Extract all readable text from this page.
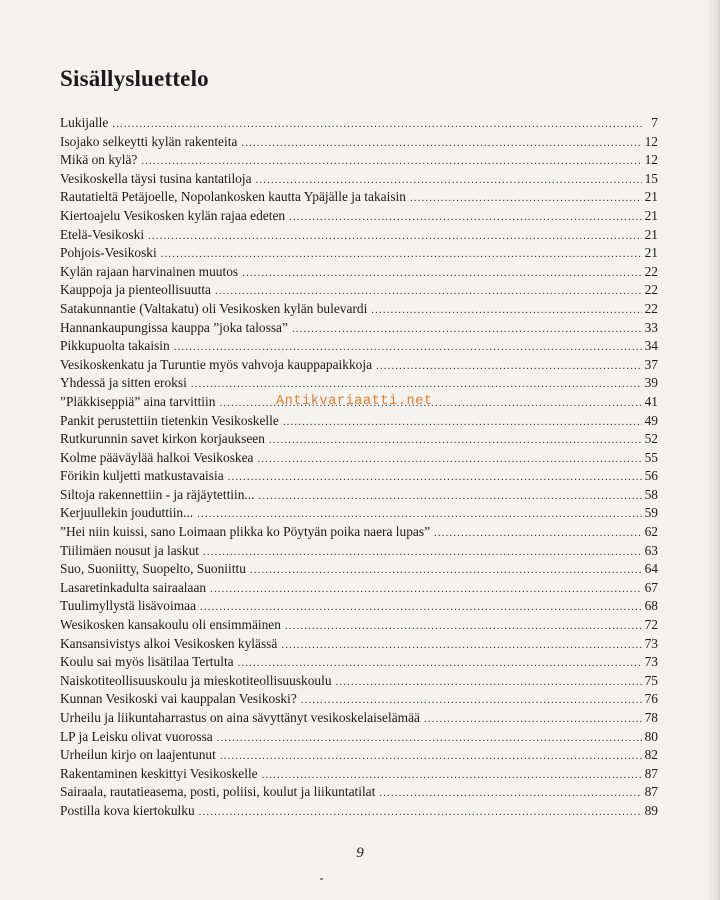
Sisällysluettelo
Lukijalle .....	7
Isojako selkeytti kylän rakenteita .....	12
Mikä on kylä? .....	12
Vesikoskella täysi tusina kantatiloja .....	15
Rautatieltä Petäjoelle, Nopolankosken kautta Ypäjälle ja takaisin .....	21
Kiertoajelu Vesikosken kylän rajaa edeten .....	21
Etelä-Vesikoski .....	21
Pohjois-Vesikoski .....	21
Kylän rajaan harvinainen muutos .....	22
Kauppoja ja pienteollisuutta .....	22
Satakunnantie (Valtakatu) oli Vesikosken kylän bulevardi .....	22
Hannankaupungissa kauppa ”joka talossa” .....	33
Pikkupuolta takaisin .....	34
Vesikoskenkatu ja Turuntie myös vahvoja kauppapaikkoja .....	37
Yhdessä ja sitten eroksi .....	39
”Pläkkiseppiä” aina tarvittiin .....	41
Pankit perustettiin tietenkin Vesikoskelle .....	49
Rutkurunnin savet kirkon korjaukseen .....	52
Kolme pääväylää halkoi Vesikoskea .....	55
Förikin kuljetti matkustavaisia .....	56
Siltoja rakennettiin - ja räjäytettiin... .....	58
Kerjuullekin jouduttiin... .....	59
”Hei niin kuissi, sano Loimaan plikka ko Pöytyän poika naera lupas” .....	62
Tiilimäen nousut ja laskut .....	63
Suo, Suoniitty, Suopelto, Suoniittu .....	64
Lasaretinkadulta sairaalaan .....	67
Tuulimyllystä lisävoimaa .....	68
Wesikosken kansakoulu oli ensimmäinen .....	72
Kansansivistys alkoi Vesikosken kylässä .....	73
Koulu sai myös lisätilaa Tertulta .....	73
Naiskotiteollisuuskoulu ja mieskotiteollisuuskoulu .....	75
Kunnan Vesikoski vai kauppalan Vesikoski? .....	76
Urheilu ja liikuntaharrastus on aina sävyttänyt vesikoskelaiselämää .....	78
LP ja Leisku olivat vuorossa .....	80
Urheilun kirjo on laajentunut .....	82
Rakentaminen keskittyi Vesikoskelle .....	87
Sairaala, rautatieasema, posti, poliisi, koulut ja liikuntatilat .....	87
Postilla kova kiertokulku .....	89
Antikvariaatti.net
9
